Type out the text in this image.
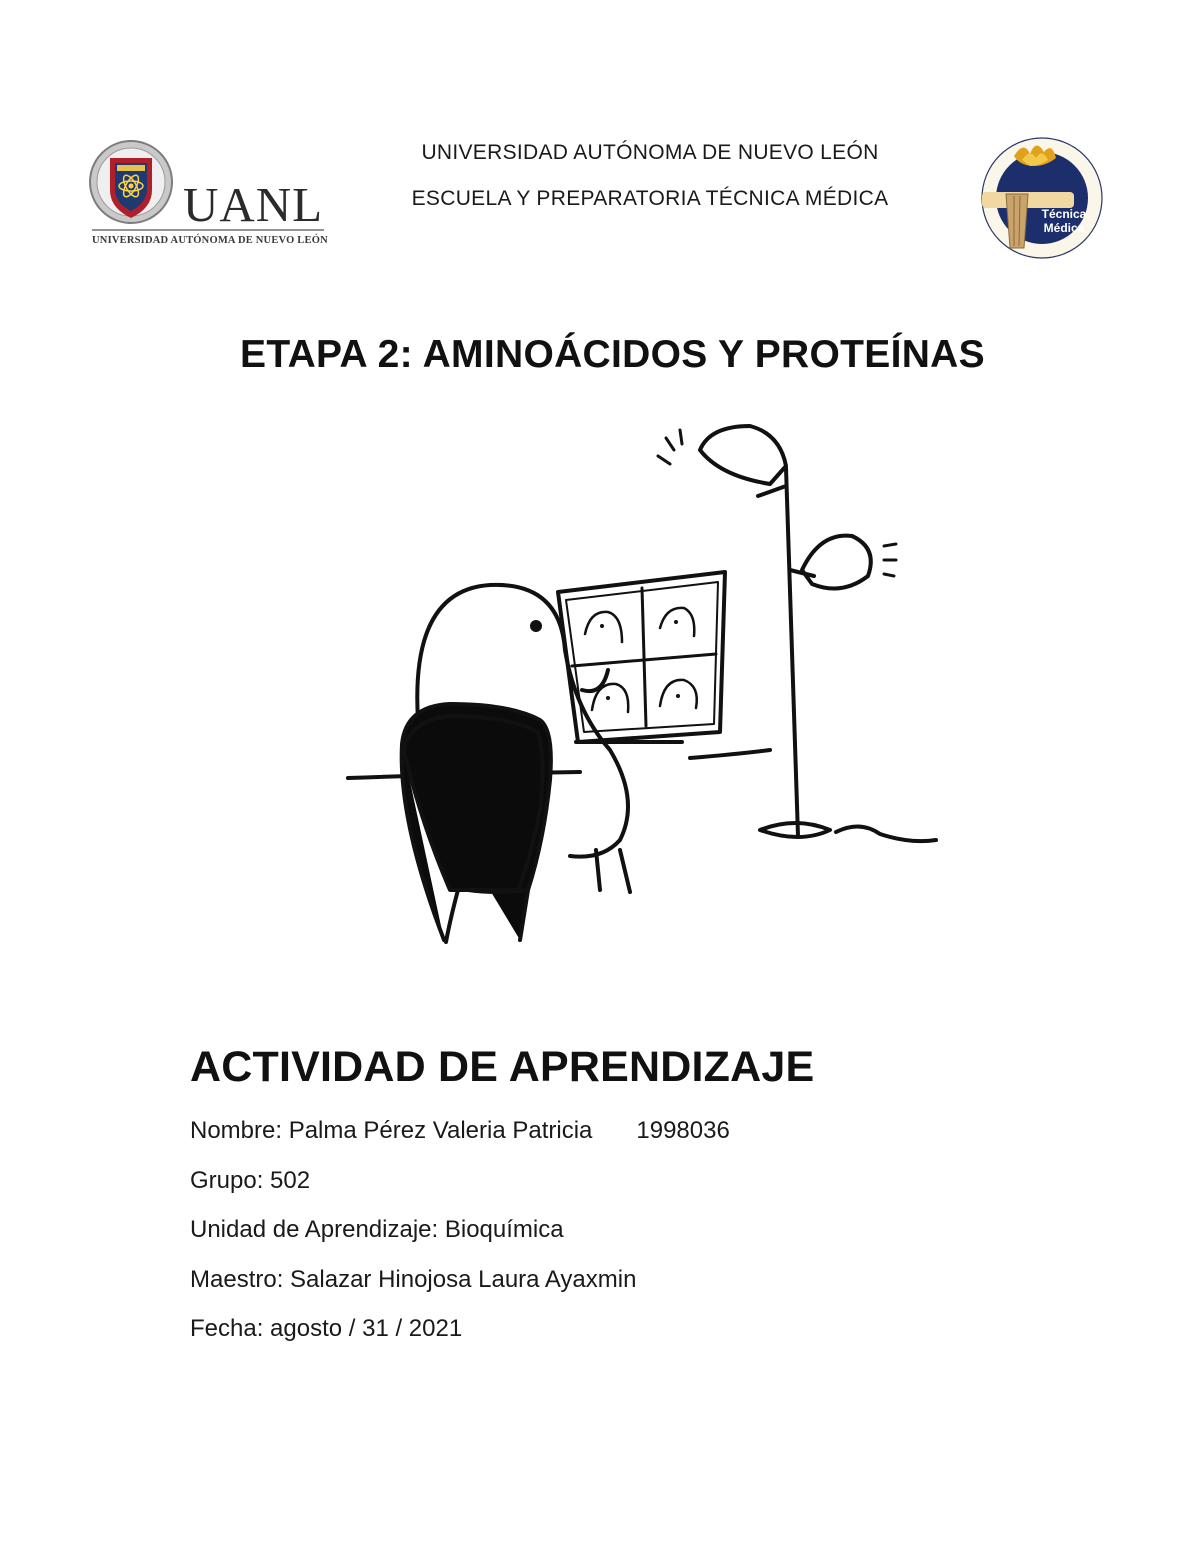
UANL
UNIVERSIDAD AUTÓNOMA DE NUEVO LEÓN
UNIVERSIDAD AUTÓNOMA DE NUEVO LEÓN
ESCUELA Y PREPARATORIA TÉCNICA MÉDICA
Técnica
Médica
ETAPA 2: AMINOÁCIDOS Y PROTEÍNAS
ACTIVIDAD DE APRENDIZAJE
Nombre: Palma Pérez Valeria Patricia 1998036
Grupo: 502
Unidad de Aprendizaje: Bioquímica
Maestro: Salazar Hinojosa Laura Ayaxmin
Fecha: agosto / 31 / 2021
